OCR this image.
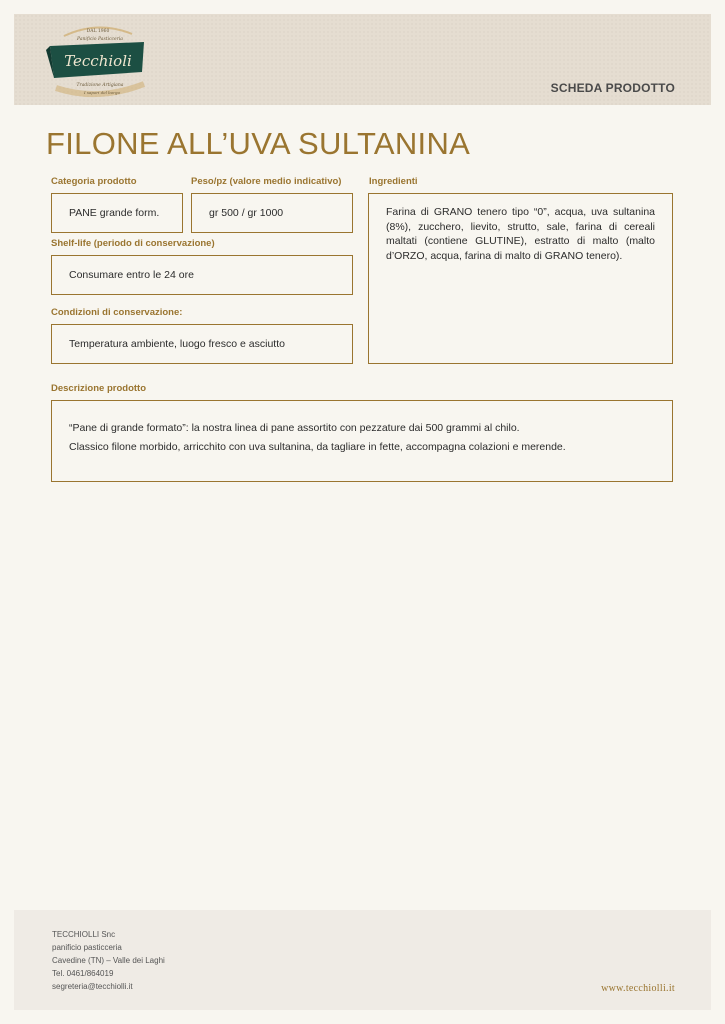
DAL 1960
Panificio Pasticceria
Tecchioli
Tradizione Artigiana
I sapori del borgo	SCHEDA PRODOTTO
FILONE ALL’UVA SULTANINA
Categoria prodotto	Peso/pz (valore medio indicativo)	Ingredienti
PANE grande form.	gr 500 / gr 1000	Farina di GRANO tenero tipo “0”, acqua, uva sultanina (8%), zucchero, lievito, strutto, sale, farina di cereali maltati (contiene GLUTINE), estratto di malto (malto d’ORZO, acqua, farina di malto di GRANO tenero).
Shelf-life (periodo di conservazione)
Consumare entro le 24 ore
Condizioni di conservazione:
Temperatura ambiente, luogo fresco e asciutto
Descrizione prodotto

“Pane di grande formato”: la nostra linea di pane assortito con pezzature dai 500 grammi al chilo.

Classico filone morbido, arricchito con uva sultanina, da tagliare in fette, accompagna colazioni e merende.

TECCHIOLLI Snc
panificio pasticceria
Cavedine (TN) – Valle dei Laghi
Tel. 0461/864019
segreteria@tecchiolli.it	www.tecchiolli.it
